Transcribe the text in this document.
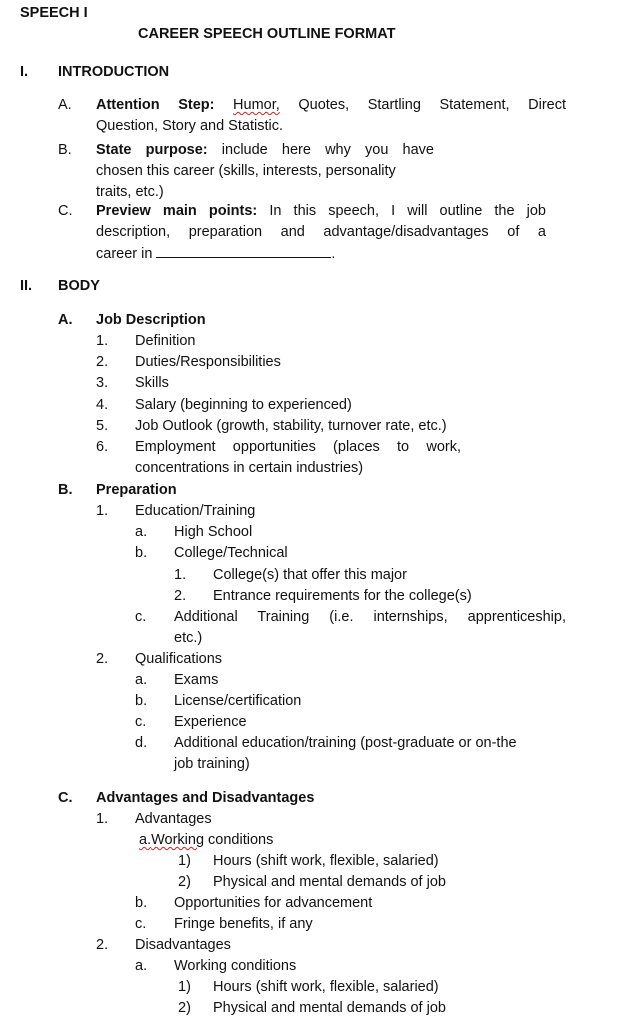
SPEECH I
CAREER SPEECH OUTLINE FORMAT
I. INTRODUCTION
A. Attention Step: Humor, Quotes, Startling Statement, Direct
Question, Story and Statistic.
B. State purpose: include here why you have
chosen this career (skills, interests, personality
traits, etc.)
C. Preview main points: In this speech, I will outline the job
description, preparation and advantage/disadvantages of a
career in	.
II. BODY
A. Job Description
1. Definition
2. Duties/Responsibilities
3. Skills
4. Salary (beginning to experienced)
5. Job Outlook (growth, stability, turnover rate, etc.)
6. Employment opportunities (places to work,
concentrations in certain industries)
B. Preparation
1. Education/Training
a. High School
b. College/Technical
1. College(s) that offer this major
2. Entrance requirements for the college(s)
c. Additional Training (i.e. internships, apprenticeship,
etc.)
2. Qualifications
a. Exams
b. License/certification
c. Experience
d. Additional education/training (post-graduate or on-the
job training)
C. Advantages and Disadvantages
1. Advantages
a.Working conditions
1) Hours (shift work, flexible, salaried)
2) Physical and mental demands of job
b. Opportunities for advancement
c. Fringe benefits, if any
2. Disadvantages
a. Working conditions
1) Hours (shift work, flexible, salaried)
2) Physical and mental demands of job
